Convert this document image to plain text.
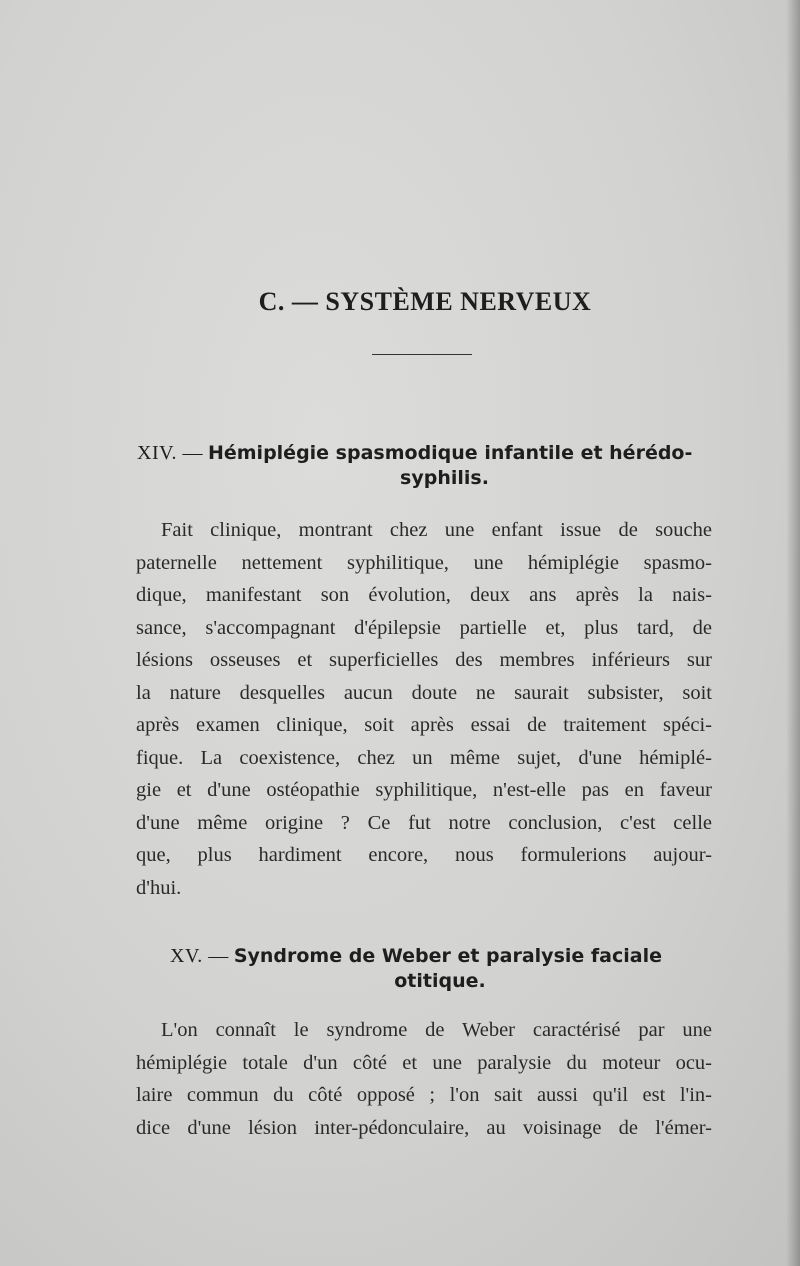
C. — SYSTÈME NERVEUX
XIV. — Hémiplégie spasmodique infantile et hérédo-
syphilis.

Fait clinique, montrant chez une enfant issue de souche
paternelle nettement syphilitique, une hémiplégie spasmo-
dique, manifestant son évolution, deux ans après la nais-
sance, s'accompagnant d'épilepsie partielle et, plus tard, de
lésions osseuses et superficielles des membres inférieurs sur
la nature desquelles aucun doute ne saurait subsister, soit
après examen clinique, soit après essai de traitement spéci-
fique. La coexistence, chez un même sujet, d'une hémiplé-
gie et d'une ostéopathie syphilitique, n'est-elle pas en faveur
d'une même origine ? Ce fut notre conclusion, c'est celle
que, plus hardiment encore, nous formulerions aujour-
d'hui.

XV. — Syndrome de Weber et paralysie faciale
otitique.

L'on connaît le syndrome de Weber caractérisé par une
hémiplégie totale d'un côté et une paralysie du moteur ocu-
laire commun du côté opposé ; l'on sait aussi qu'il est l'in-
dice d'une lésion inter-pédonculaire, au voisinage de l'émer-
